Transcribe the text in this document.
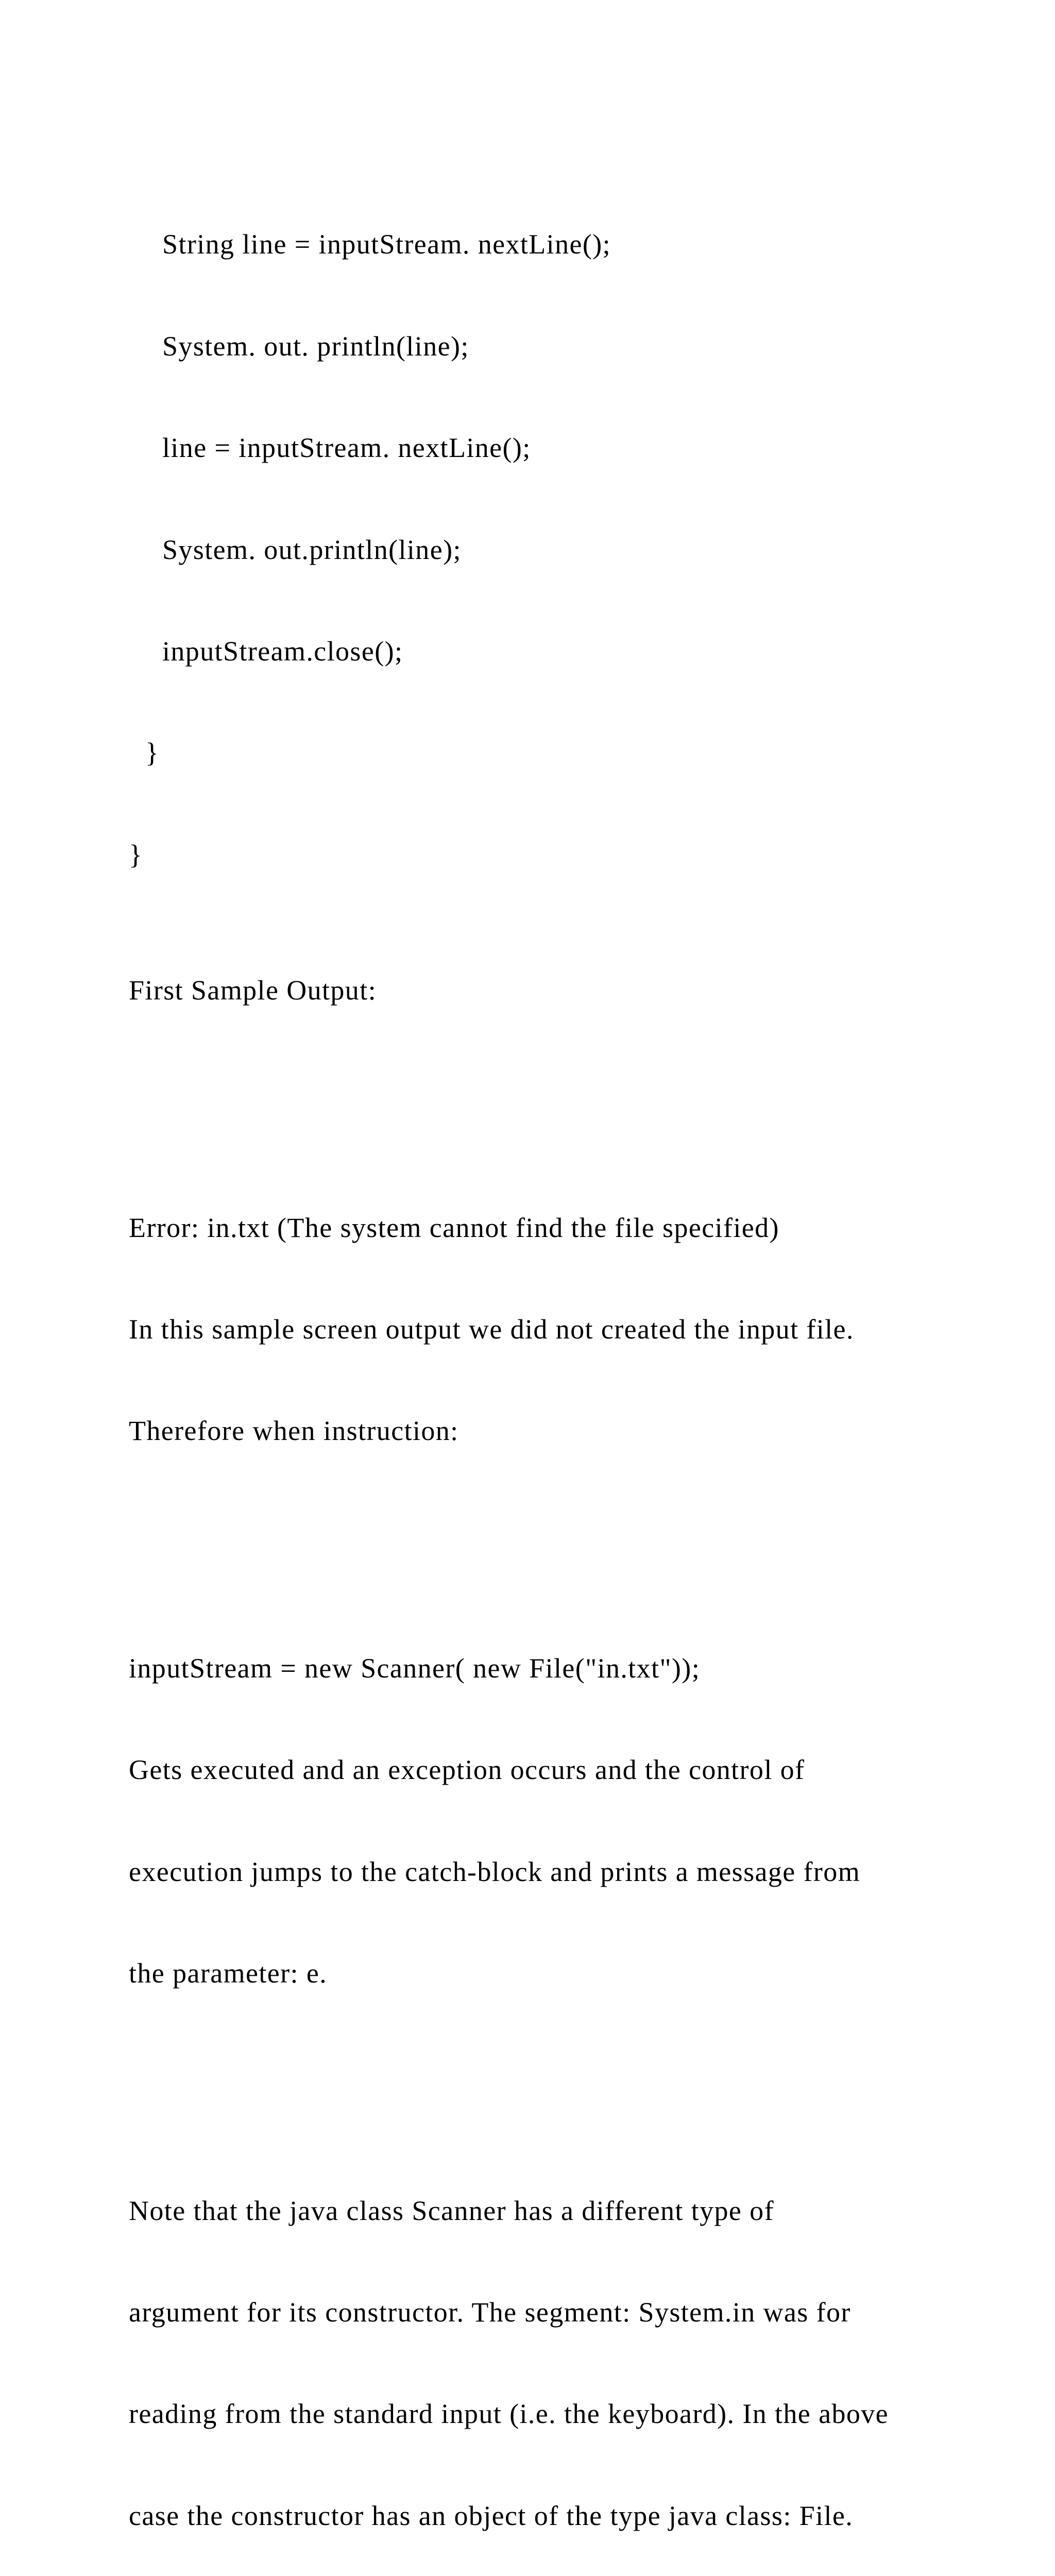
String line = inputStream. nextLine();

System. out. println(line);

line = inputStream. nextLine();

System. out.println(line);

inputStream.close();

}

}

First Sample Output:

Error: in.txt (The system cannot find the file specified)

In this sample screen output we did not created the input file.

Therefore when instruction:

inputStream = new Scanner( new File("in.txt"));

Gets executed and an exception occurs and the control of

execution jumps to the catch-block and prints a message from

the parameter: e.

Note that the java class Scanner has a different type of

argument for its constructor. The segment: System.in was for

reading from the standard input (i.e. the keyboard). In the above

case the constructor has an object of the type java class: File.
